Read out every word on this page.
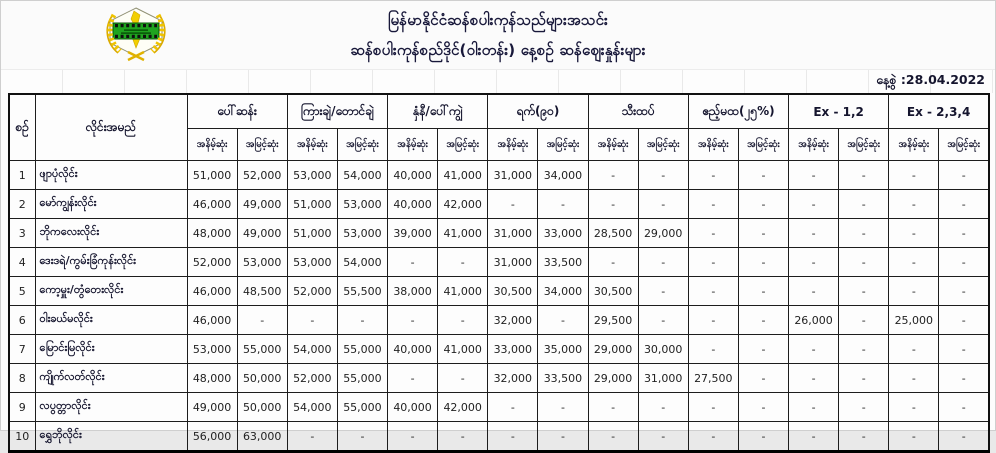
မြန်မာနိုင်ငံဆန်စပါးကုန်သည်များအသင်း
ဆန်စပါးကုန်စည်ဒိုင်(ဝါးတန်း) နေ့စဉ် ဆန်ဈေးနှုန်းများ
နေ့စွဲ :28.04.2022
စဉ်	လိုင်းအမည်	ပေါ်ဆန်း		ကြားချဲ/တောင်ချဲ		နှံနီ/ပေါ်ကျွဲ		ရက်(၉၀)		သီးထပ်		ဧည့်မထ(၂၅%)		Ex - 1,2		Ex - 2,3,4	
		အနိမ့်ဆုံး	အမြင့်ဆုံး	အနိမ့်ဆုံး	အမြင့်ဆုံး	အနိမ့်ဆုံး	အမြင့်ဆုံး	အနိမ့်ဆုံး	အမြင့်ဆုံး	အနိမ့်ဆုံး	အမြင့်ဆုံး	အနိမ့်ဆုံး	အမြင့်ဆုံး	အနိမ့်ဆုံး	အမြင့်ဆုံး	အနိမ့်ဆုံး	အမြင့်ဆုံး
1	ဖျာပုံလိုင်း	51,000	52,000	53,000	54,000	40,000	41,000	31,000	34,000	-	-	-	-	-	-	-	-
2	မော်ကျွန်းလိုင်း	46,000	49,000	51,000	53,000	40,000	42,000	-	-	-	-	-	-	-	-	-	-
3	ဘိုကလေးလိုင်း	48,000	49,000	51,000	53,000	39,000	41,000	31,000	33,000	28,500	29,000	-	-	-	-	-	-
4	ဒေးဒရဲ/ကွမ်းခြံကုန်းလိုင်း	52,000	53,000	53,000	54,000	-	-	31,000	33,500	-	-	-	-	-	-	-	-
5	ကော့မှူး/တွံတေးလိုင်း	46,000	48,500	52,000	55,500	38,000	41,000	30,500	34,000	30,500	-	-	-	-	-	-	-
6	ဝါးခယ်မလိုင်း	46,000	-	-	-	-	-	32,000	-	29,500	-	-	-	26,000	-	25,000	-
7	မြောင်းမြလိုင်း	53,000	55,000	54,000	55,000	40,000	41,000	33,000	35,000	29,000	30,000	-	-	-	-	-	-
8	ကျိုက်လတ်လိုင်း	48,000	50,000	52,000	55,000	-	-	32,000	33,500	29,000	31,000	27,500	-	-	-	-	-
9	လပွတ္တာလိုင်း	49,000	50,000	54,000	55,000	40,000	42,000	-	-	-	-	-	-	-	-	-	-
10	ရွှေဘိုလိုင်း	56,000	63,000	-	-	-	-	-	-	-	-	-	-	-	-	-	-
